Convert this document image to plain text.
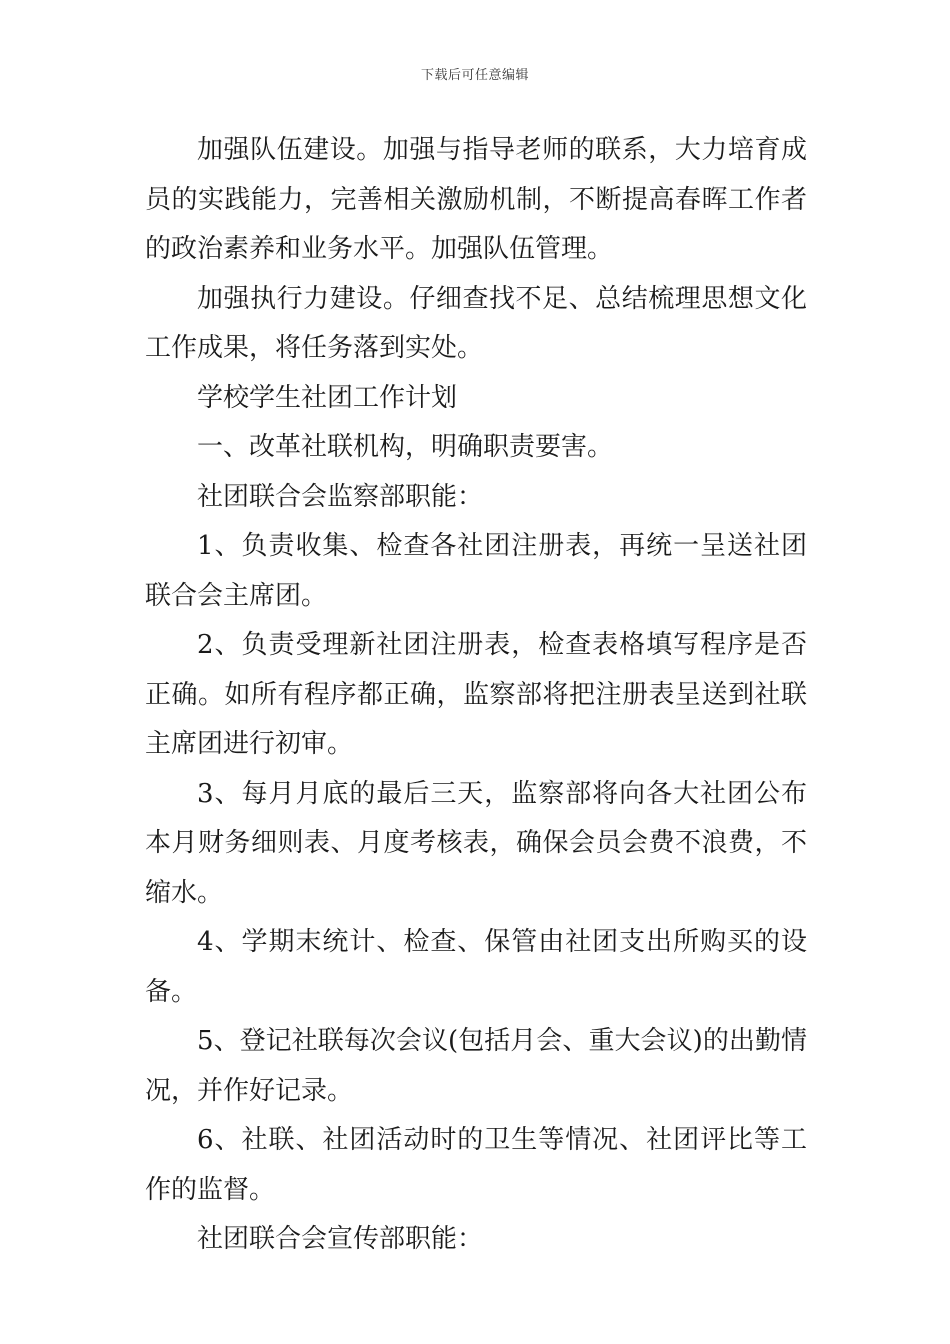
下载后可任意编辑

加强队伍建设。加强与指导老师的联系，大力培育成员的实践能力，完善相关激励机制，不断提高春晖工作者的政治素养和业务水平。加强队伍管理。

加强执行力建设。仔细查找不足、总结梳理思想文化工作成果，将任务落到实处。

学校学生社团工作计划

一、改革社联机构，明确职责要害。

社团联合会监察部职能：

1、负责收集、检查各社团注册表，再统一呈送社团联合会主席团。

2、负责受理新社团注册表，检查表格填写程序是否正确。如所有程序都正确，监察部将把注册表呈送到社联主席团进行初审。

3、每月月底的最后三天，监察部将向各大社团公布本月财务细则表、月度考核表，确保会员会费不浪费，不缩水。

4、学期末统计、检查、保管由社团支出所购买的设备。

5、登记社联每次会议(包括月会、重大会议)的出勤情况，并作好记录。

6、社联、社团活动时的卫生等情况、社团评比等工作的监督。

社团联合会宣传部职能：
